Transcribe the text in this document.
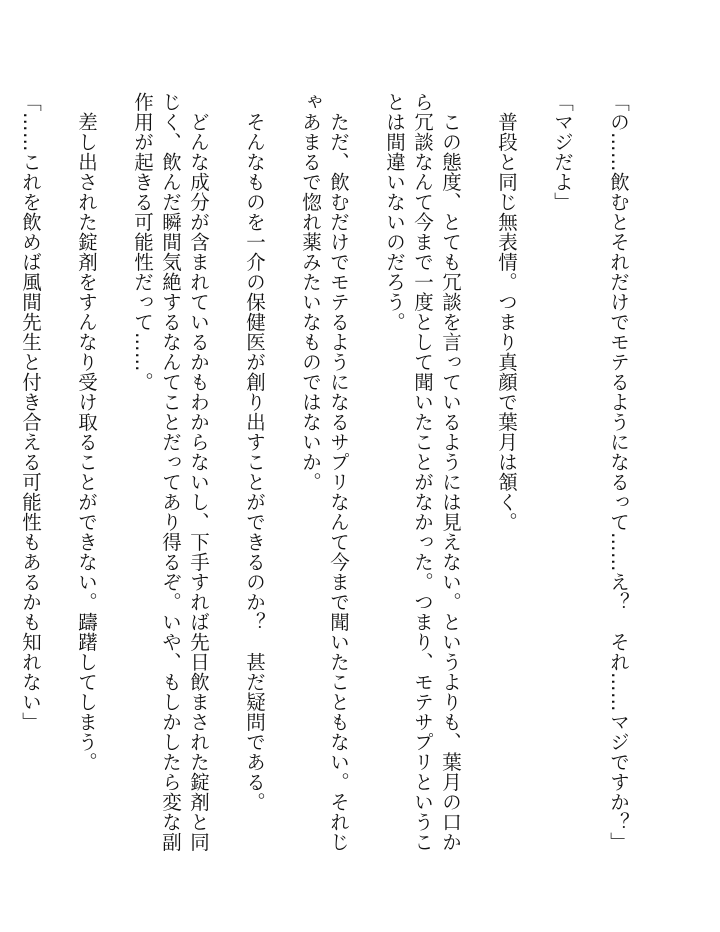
「の……飲むとそれだけでモテるようになるって……え？　それ……マジですか？」

「マジだよ」

普段と同じ無表情。つまり真顔で葉月は頷く。

この態度、とても冗談を言っているようには見えない。というよりも、葉月の口から冗談なんて今まで一度として聞いたことがなかった。つまり、モテサプリということは間違いないのだろう。

ただ、飲むだけでモテるようになるサプリなんて今まで聞いたこともない。それじゃあまるで惚れ薬みたいなものではないか。

そんなものを一介の保健医が創り出すことができるのか？　甚だ疑問である。

どんな成分が含まれているかもわからないし、下手すれば先日飲まされた錠剤と同じく、飲んだ瞬間気絶するなんてことだってあり得るぞ。いや、もしかしたら変な副作用が起きる可能性だって……。

差し出された錠剤をすんなり受け取ることができない。躊躇してしまう。

「……これを飲めば風間先生と付き合える可能性もあるかも知れない」
